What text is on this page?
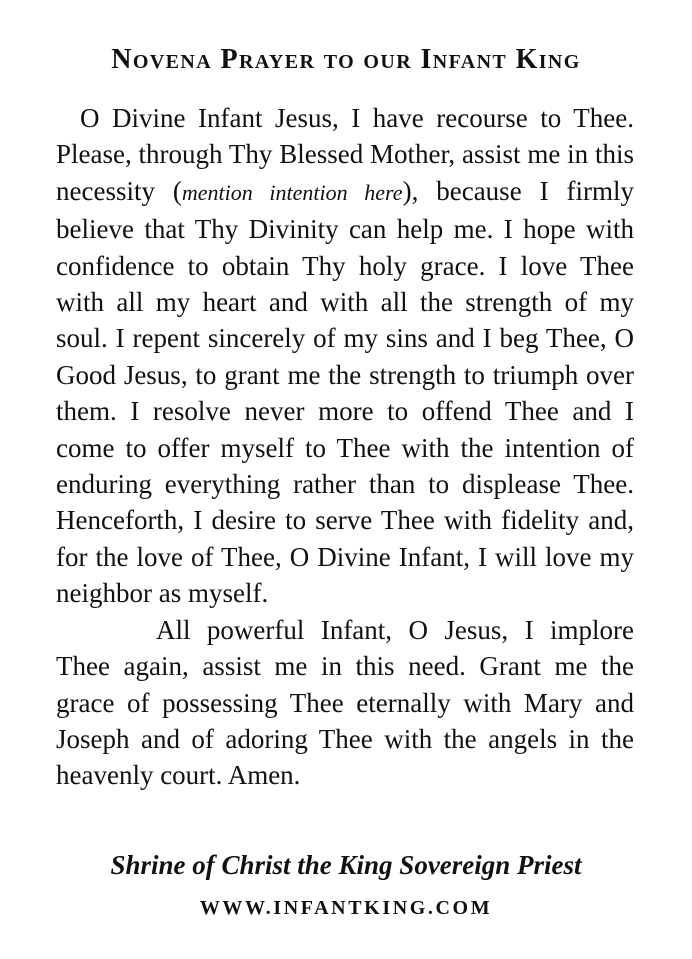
Novena Prayer to our Infant King

O Divine Infant Jesus, I have recourse to Thee. Please, through Thy Blessed Mother, assist me in this necessity (mention intention here), because I firmly believe that Thy Divinity can help me. I hope with confidence to obtain Thy holy grace. I love Thee with all my heart and with all the strength of my soul. I repent sincerely of my sins and I beg Thee, O Good Jesus, to grant me the strength to triumph over them. I resolve never more to offend Thee and I come to offer myself to Thee with the intention of enduring everything rather than to displease Thee. Henceforth, I desire to serve Thee with fidelity and, for the love of Thee, O Divine Infant, I will love my neighbor as myself.

All powerful Infant, O Jesus, I implore Thee again, assist me in this need. Grant me the grace of possessing Thee eternally with Mary and Joseph and of adoring Thee with the angels in the heavenly court. Amen.

Shrine of Christ the King Sovereign Priest

WWW.INFANTKING.COM
